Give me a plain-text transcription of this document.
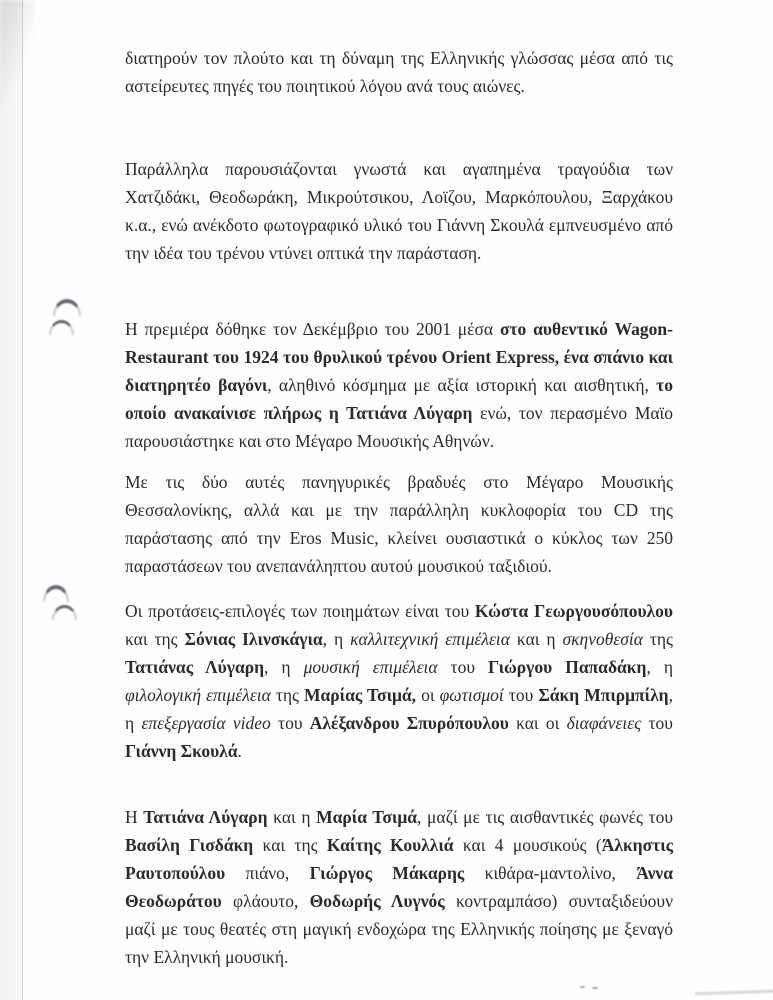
διατηρούν τον πλούτο και τη δύναμη της Ελληνικής γλώσσας μέσα από τις αστείρευτες πηγές του ποιητικού λόγου ανά τους αιώνες.

Παράλληλα παρουσιάζονται γνωστά και αγαπημένα τραγούδια των Χατζιδάκι, Θεοδωράκη, Μικρούτσικου, Λοϊζου, Μαρκόπουλου, Ξαρχάκου κ.α., ενώ ανέκδοτο φωτογραφικό υλικό του Γιάννη Σκουλά εμπνευσμένο από την ιδέα του τρένου ντύνει οπτικά την παράσταση.

Η πρεμιέρα δόθηκε τον Δεκέμβριο του 2001 μέσα στο αυθεντικό Wagon-Restaurant του 1924 του θρυλικού τρένου Orient Express, ένα σπάνιο και διατηρητέο βαγόνι, αληθινό κόσμημα με αξία ιστορική και αισθητική, το οποίο ανακαίνισε πλήρως η Τατιάνα Λύγαρη ενώ, τον περασμένο Μαϊο παρουσιάστηκε και στο Μέγαρο Μουσικής Αθηνών.

Με τις δύο αυτές πανηγυρικές βραδυές στο Μέγαρο Μουσικής Θεσσαλονίκης, αλλά και με την παράλληλη κυκλοφορία του CD της παράστασης από την Eros Music, κλείνει ουσιαστικά ο κύκλος των 250 παραστάσεων του ανεπανάληπτου αυτού μουσικού ταξιδιού.

Οι προτάσεις-επιλογές των ποιημάτων είναι του Κώστα Γεωργουσόπουλου και της Σόνιας Ιλινσκάγια, η καλλιτεχνική επιμέλεια και η σκηνοθεσία της Τατιάνας Λύγαρη, η μουσική επιμέλεια του Γιώργου Παπαδάκη, η φιλολογική επιμέλεια της Μαρίας Τσιμά, οι φωτισμοί του Σάκη Μπιρμπίλη, η επεξεργασία video του Αλέξανδρου Σπυρόπουλου και οι διαφάνειες του Γιάννη Σκουλά.

Η Τατιάνα Λύγαρη και η Μαρία Τσιμά, μαζί με τις αισθαντικές φωνές του Βασίλη Γισδάκη και της Καίτης Κουλλιά και 4 μουσικούς (Άλκηστις Ραυτοπούλου πιάνο, Γιώργος Μάκαρης κιθάρα-μαντολίνο, Άννα Θεοδωράτου φλάουτο, Θοδωρής Λυγνός κοντραμπάσο) συνταξιδεύουν μαζί με τους θεατές στη μαγική ενδοχώρα της Ελληνικής ποίησης με ξεναγό την Ελληνική μουσική.
